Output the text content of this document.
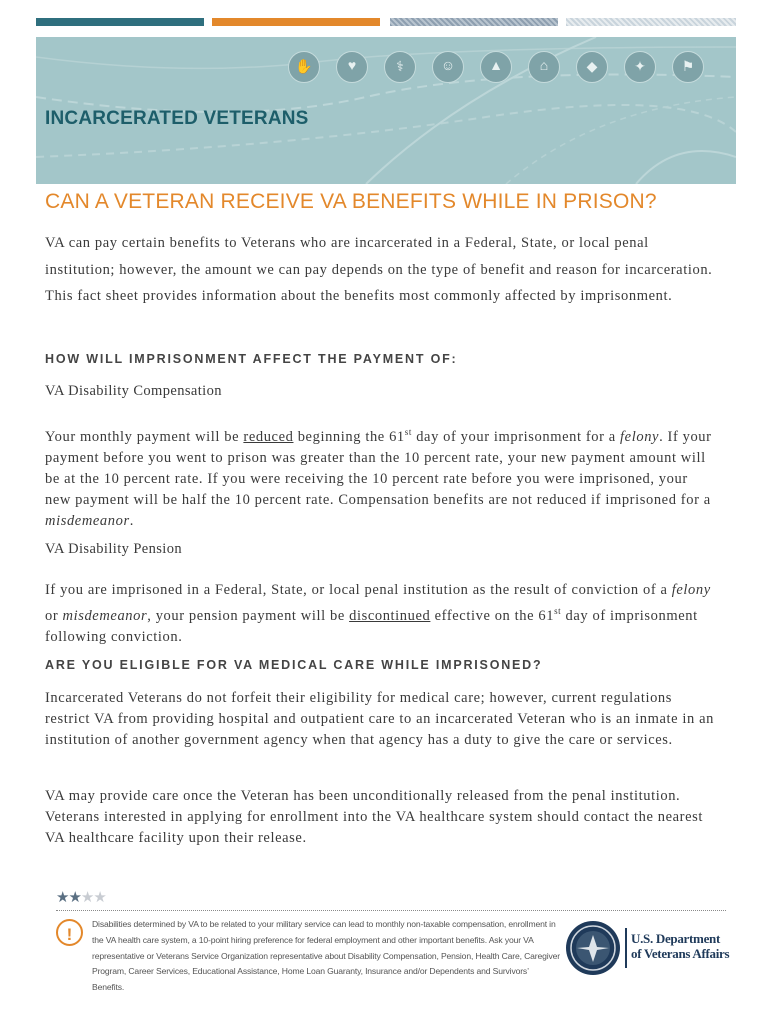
✋	♥	⚕	☺	▲	⌂	◆	✦	⚑
INCARCERATED VETERANS
CAN A VETERAN RECEIVE VA BENEFITS WHILE IN PRISON?
VA can pay certain benefits to Veterans who are incarcerated in a Federal, State, or local penal institution; however, the amount we can pay depends on the type of benefit and reason for incarceration. This fact sheet provides information about the benefits most commonly affected by imprisonment.
HOW WILL IMPRISONMENT AFFECT THE PAYMENT OF:
VA Disability Compensation
Your monthly payment will be reduced beginning the 61st day of your imprisonment for a felony. If your payment before you went to prison was greater than the 10 percent rate, your new payment amount will be at the 10 percent rate. If you were receiving the 10 percent rate before you were imprisoned, your new payment will be half the 10 percent rate. Compensation benefits are not reduced if imprisoned for a misdemeanor.
VA Disability Pension
If you are imprisoned in a Federal, State, or local penal institution as the result of conviction of a felony or misdemeanor, your pension payment will be discontinued effective on the 61st day of imprisonment following conviction.
ARE YOU ELIGIBLE FOR VA MEDICAL CARE WHILE IMPRISONED?
Incarcerated Veterans do not forfeit their eligibility for medical care; however, current regulations restrict VA from providing hospital and outpatient care to an incarcerated Veteran who is an inmate in an institution of another government agency when that agency has a duty to give the care or services.
VA may provide care once the Veteran has been unconditionally released from the penal institution. Veterans interested in applying for enrollment into the VA healthcare system should contact the nearest VA healthcare facility upon their release.
★★★★
!
Disabilities determined by VA to be related to your military service can lead to monthly non-taxable compensation, enrollment in the VA health care system, a 10-point hiring preference for federal employment and other important benefits. Ask your VA representative or Veterans Service Organization representative about Disability Compensation, Pension, Health Care, Caregiver Program, Career Services, Educational Assistance, Home Loan Guaranty, Insurance and/or Dependents and Survivors’ Benefits.
U.S. Department
of Veterans Affairs
